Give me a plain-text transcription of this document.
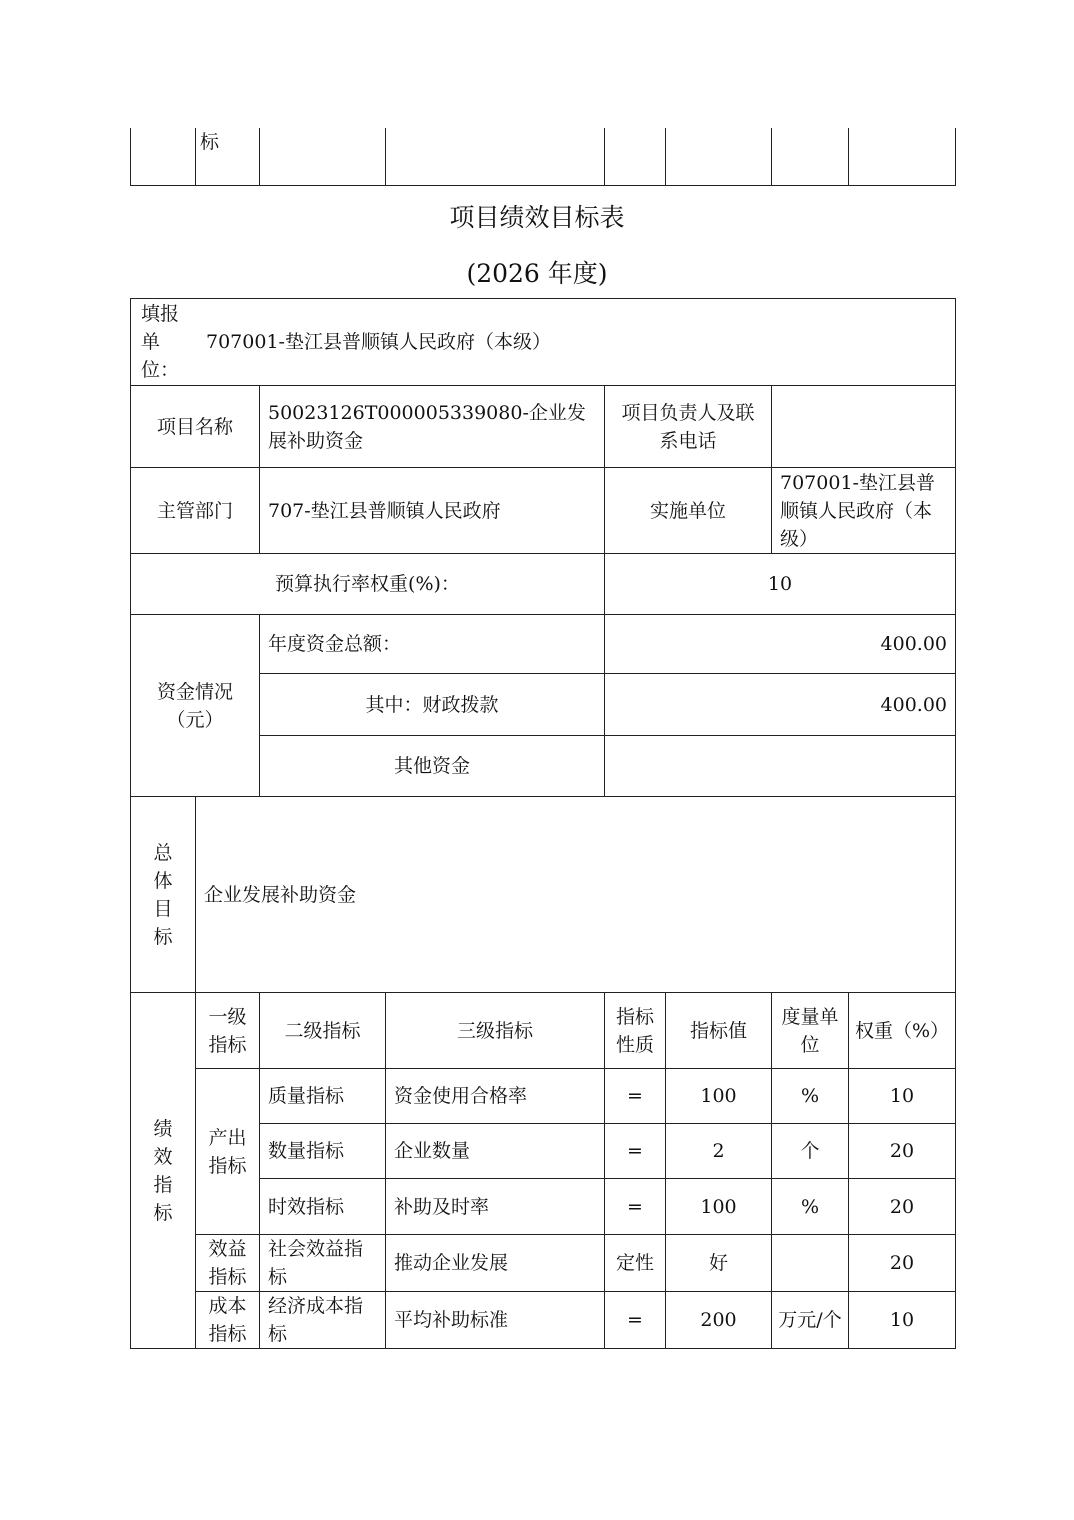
	标						
项目绩效目标表
(2026 年度)
填报
单
位：
707001-垫江县普顺镇人民政府（本级）							

项目名称		50023126T000005339080-企业发展补助资金		项目负责人及联系电话			
主管部门		707-垫江县普顺镇人民政府		实施单位		707001-垫江县普顺镇人民政府（本级）	
预算执行率权重(%)：				10			
资金情况（元）		年度资金总额：		400.00			
		其中：财政拨款		400.00			
		其他资金					

总
体
目
标	企业发展补助资金						

绩
效
指
标	一级指标	二级指标	三级指标	指标性质	指标值	度量单位	权重（%）
	产出指标	质量指标	资金使用合格率	=	100	%	10
		数量指标	企业数量	=	2	个	20
		时效指标	补助及时率	=	100	%	20
	效益指标	社会效益指标	推动企业发展	定性	好		20
	成本指标	经济成本指标	平均补助标准	=	200	万元/个	10
